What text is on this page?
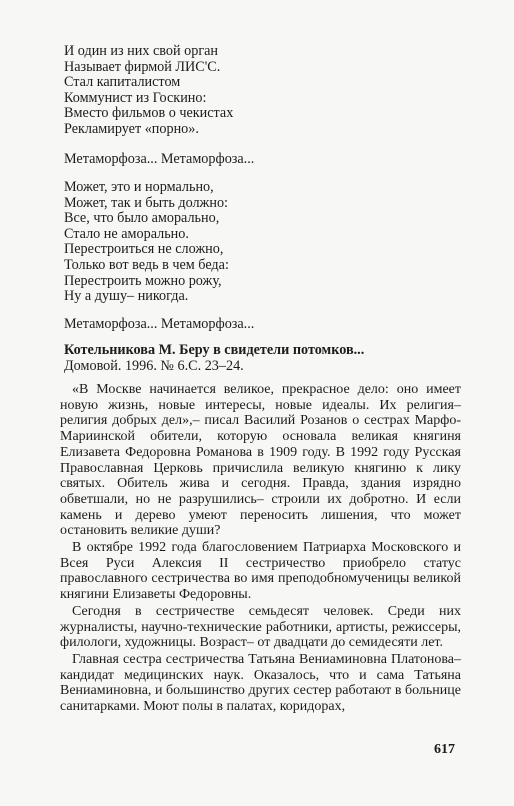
И один из них свой орган
Называет фирмой ЛИС'С.
Стал капиталистом
Коммунист из Госкино:
Вместо фильмов о чекистах
Рекламирует «порно».
Метаморфоза... Метаморфоза...
Может, это и нормально,
Может, так и быть должно:
Все, что было аморально,
Стало не аморально.
Перестроиться не сложно,
Только вот ведь в чем беда:
Перестроить можно рожу,
Ну а душу– никогда.
Метаморфоза... Метаморфоза...
Котельникова М. Беру в свидетели потомков...
Домовой. 1996. № 6.С. 23–24.

«В Москве начинается великое, прекрасное дело: оно имеет новую жизнь, новые интересы, новые идеалы. Их религия– религия добрых дел»,– писал Василий Розанов о сестрах Марфо-Мариинской обители, которую основала великая княгиня Елизавета Федоровна Романова в 1909 году. В 1992 году Русская Православная Церковь причислила великую княгиню к лику святых. Обитель жива и сегодня. Правда, здания изрядно обветшали, но не разрушились– строили их добротно. И если камень и дерево умеют переносить лишения, что может остановить великие души?

В октябре 1992 года благословением Патриарха Московского и Всея Руси Алексия II сестричество приобрело статус православного сестричества во имя преподобномученицы великой княгини Елизаветы Федоровны.

Сегодня в сестричестве семьдесят человек. Среди них журналисты, научно-технические работники, артисты, режиссеры, филологи, художницы. Возраст– от двадцати до семидесяти лет.

Главная сестра сестричества Татьяна Вениаминовна Платонова– кандидат медицинских наук. Оказалось, что и сама Татьяна Вениаминовна, и большинство других сестер работают в больнице санитарками. Моют полы в палатах, коридорах,

617
